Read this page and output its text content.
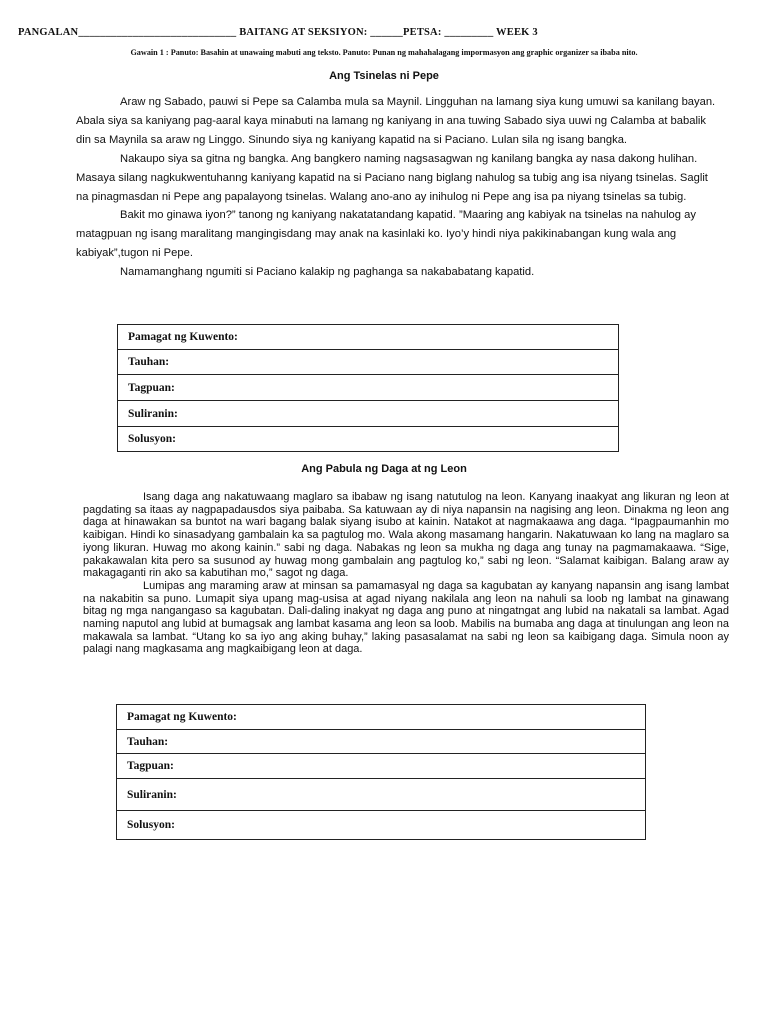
PANGALAN_____________________________ BAITANG AT SEKSIYON: ______PETSA: _________ WEEK 3
Gawain 1 : Panuto: Basahin at unawaing mabuti ang teksto. Panuto: Punan ng mahahalagang impormasyon ang graphic organizer sa ibaba nito.
Ang Tsinelas ni Pepe

Araw ng Sabado, pauwi si Pepe sa Calamba mula sa Maynil. Lingguhan na lamang siya kung umuwi sa kanilang bayan. Abala siya sa kaniyang pag-aaral kaya minabuti na lamang ng kaniyang in ana tuwing Sabado siya uuwi ng Calamba at babalik din sa Maynila sa araw ng Linggo. Sinundo siya ng kaniyang kapatid na si Paciano. Lulan sila ng isang bangka.

Nakaupo siya sa gitna ng bangka. Ang bangkero naming nagsasagwan ng kanilang bangka ay nasa dakong hulihan. Masaya silang nagkukwentuhanng kaniyang kapatid na si Paciano nang biglang nahulog sa tubig ang isa niyang tsinelas. Saglit na pinagmasdan ni Pepe ang papalayong tsinelas. Walang ano-ano ay inihulog ni Pepe ang isa pa niyang tsinelas sa tubig.

Bakit mo ginawa iyon?” tanong ng kaniyang nakatatandang kapatid. ”Maaring ang kabiyak na tsinelas na nahulog ay matagpuan ng isang maralitang mangingisdang may anak na kasinlaki ko. Iyo’y hindi niya pakikinabangan kung wala ang kabiyak”,tugon ni Pepe.

Namamanghang ngumiti si Paciano kalakip ng paghanga sa nakababatang kapatid.

Pamagat ng Kuwento:
Tauhan:
Tagpuan:
Suliranin:
Solusyon:
Ang Pabula ng Daga at ng Leon

Isang daga ang nakatuwaang maglaro sa ibabaw ng isang natutulog na leon. Kanyang inaakyat ang likuran ng leon at pagdating sa itaas ay nagpapadausdos siya paibaba. Sa katuwaan ay di niya napansin na nagising ang leon. Dinakma ng leon ang daga at hinawakan sa buntot na wari bagang balak siyang isubo at kainin. Natakot at nagmakaawa ang daga. “Ipagpaumanhin mo kaibigan. Hindi ko sinasadyang gambalain ka sa pagtulog mo. Wala akong masamang hangarin. Nakatuwaan ko lang na maglaro sa iyong likuran. Huwag mo akong kainin.” sabi ng daga. Nabakas ng leon sa mukha ng daga ang tunay na pagmamakaawa. “Sige, pakakawalan kita pero sa susunod ay huwag mong gambalain ang pagtulog ko,” sabi ng leon. “Salamat kaibigan. Balang araw ay makagaganti rin ako sa kabutihan mo,” sagot ng daga.

Lumipas ang maraming araw at minsan sa pamamasyal ng daga sa kagubatan ay kanyang napansin ang isang lambat na nakabitin sa puno. Lumapit siya upang mag-usisa at agad niyang nakilala ang leon na nahuli sa loob ng lambat na ginawang bitag ng mga nangangaso sa kagubatan. Dali-daling inakyat ng daga ang puno at ningatngat ang lubid na nakatali sa lambat. Agad naming naputol ang lubid at bumagsak ang lambat kasama ang leon sa loob. Mabilis na bumaba ang daga at tinulungan ang leon na makawala sa lambat. “Utang ko sa iyo ang aking buhay,” laking pasasalamat na sabi ng leon sa kaibigang daga. Simula noon ay palagi nang magkasama ang magkaibigang leon at daga.

Pamagat ng Kuwento:
Tauhan:
Tagpuan:
Suliranin:
Solusyon:
